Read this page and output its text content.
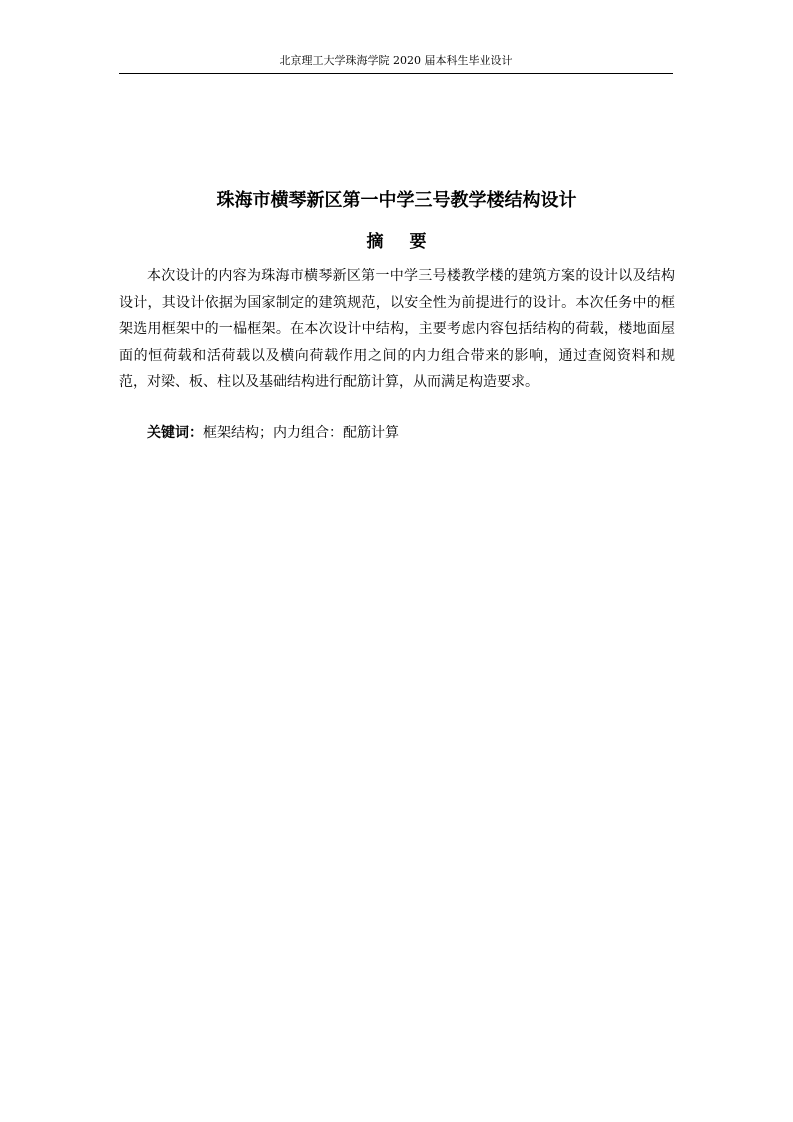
北京理工大学珠海学院 2020 届本科生毕业设计
珠海市横琴新区第一中学三号教学楼结构设计
摘 要

本次设计的内容为珠海市横琴新区第一中学三号楼教学楼的建筑方案的设计以及结构设计，其设计依据为国家制定的建筑规范，以安全性为前提进行的设计。本次任务中的框架选用框架中的一榀框架。在本次设计中结构，主要考虑内容包括结构的荷载，楼地面屋面的恒荷载和活荷载以及横向荷载作用之间的内力组合带来的影响，通过查阅资料和规范，对梁、板、柱以及基础结构进行配筋计算，从而满足构造要求。

关键词：框架结构；内力组合：配筋计算
